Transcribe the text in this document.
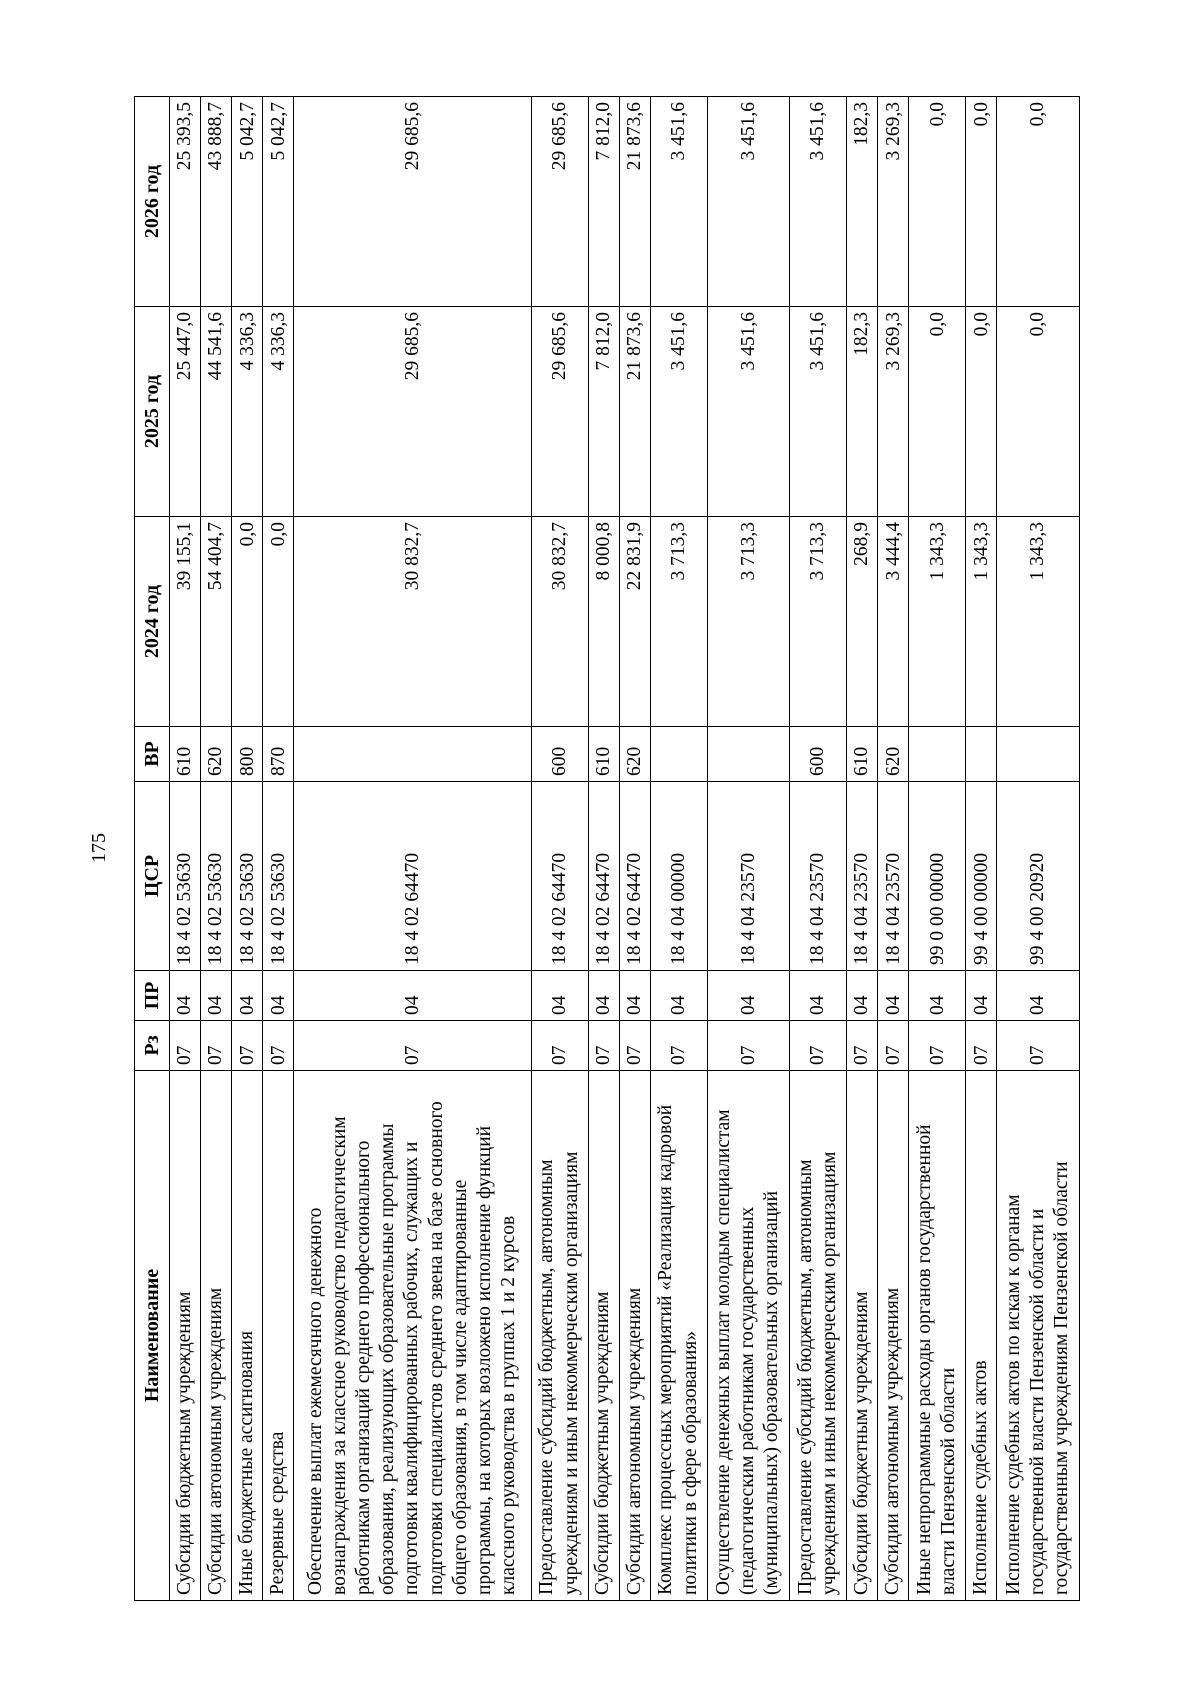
175
Наименование	Рз	ПР	ЦСР	ВР	2024 год	2025 год	2026 год
Субсидии бюджетным учреждениям	07	04	18 4 02 53630	610	39 155,1	25 447,0	25 393,5
Субсидии автономным учреждениям	07	04	18 4 02 53630	620	54 404,7	44 541,6	43 888,7
Иные бюджетные ассигнования	07	04	18 4 02 53630	800	0,0	4 336,3	5 042,7
Резервные средства	07	04	18 4 02 53630	870	0,0	4 336,3	5 042,7
Обеспечение выплат ежемесячного денежного вознаграждения за классное руководство педагогическим работникам организаций среднего профессионального образования, реализующих образовательные программы подготовки квалифицированных рабочих, служащих и подготовки специалистов среднего звена на базе основного общего образования, в том числе адаптированные программы, на которых возложено исполнение функций классного руководства в группах 1 и 2 курсов	07	04	18 4 02 64470		30 832,7	29 685,6	29 685,6
Предоставление субсидий бюджетным, автономным учреждениям и иным некоммерческим организациям	07	04	18 4 02 64470	600	30 832,7	29 685,6	29 685,6
Субсидии бюджетным учреждениям	07	04	18 4 02 64470	610	8 000,8	7 812,0	7 812,0
Субсидии автономным учреждениям	07	04	18 4 02 64470	620	22 831,9	21 873,6	21 873,6
Комплекс процессных мероприятий «Реализация кадровой политики в сфере образования»	07	04	18 4 04 00000		3 713,3	3 451,6	3 451,6
Осуществление денежных выплат молодым специалистам (педагогическим работникам государственных (муниципальных) образовательных организаций	07	04	18 4 04 23570		3 713,3	3 451,6	3 451,6
Предоставление субсидий бюджетным, автономным учреждениям и иным некоммерческим организациям	07	04	18 4 04 23570	600	3 713,3	3 451,6	3 451,6
Субсидии бюджетным учреждениям	07	04	18 4 04 23570	610	268,9	182,3	182,3
Субсидии автономным учреждениям	07	04	18 4 04 23570	620	3 444,4	3 269,3	3 269,3
Иные непрограммные расходы органов государственной власти Пензенской области	07	04	99 0 00 00000		1 343,3	0,0	0,0
Исполнение судебных актов	07	04	99 4 00 00000		1 343,3	0,0	0,0
Исполнение судебных актов по искам к органам государственной власти Пензенской области и государственным учреждениям Пензенской области	07	04	99 4 00 20920		1 343,3	0,0	0,0
